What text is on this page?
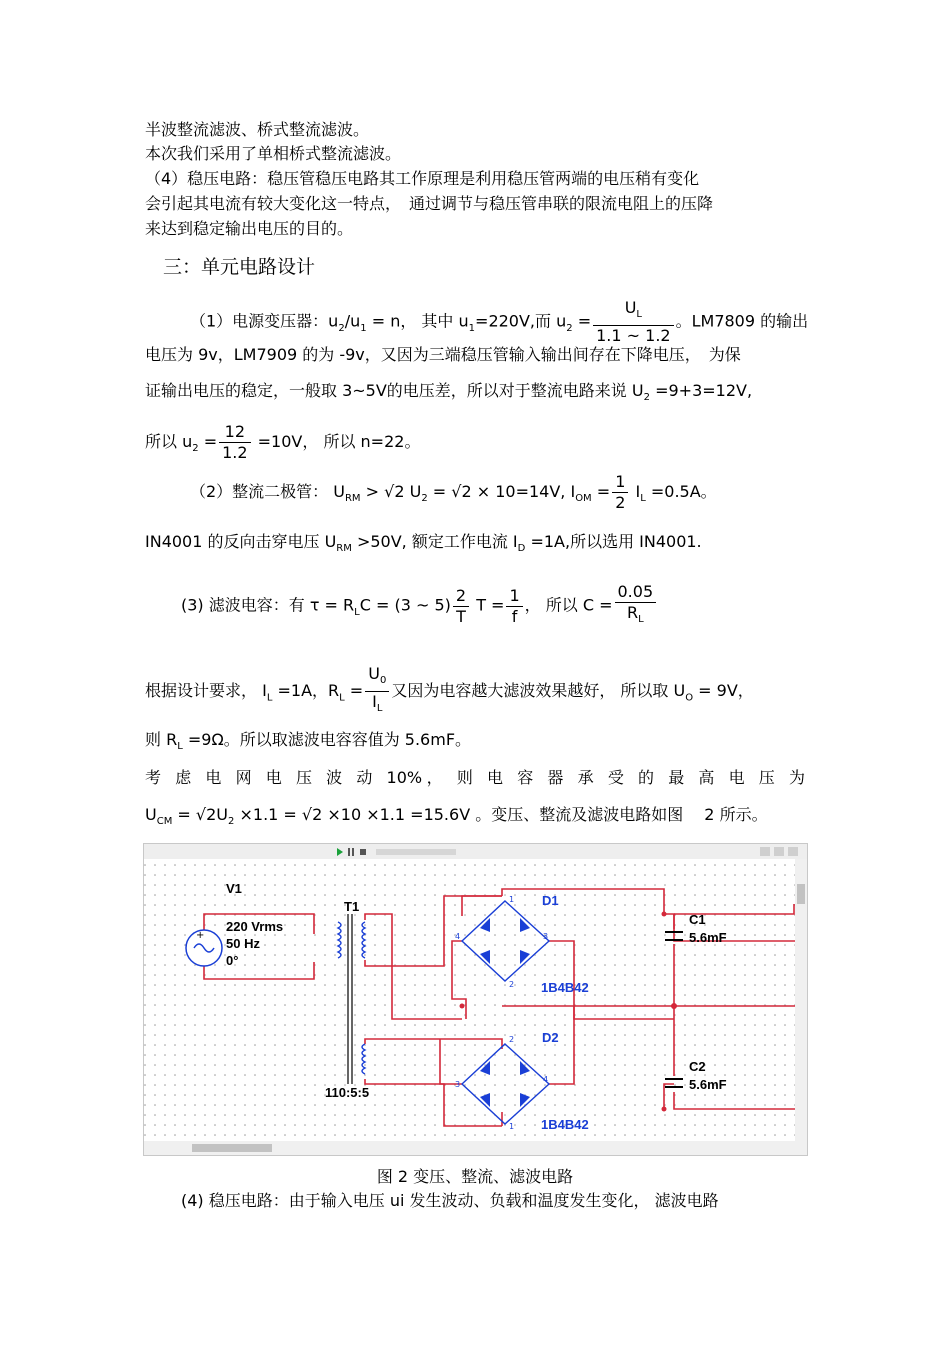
半波整流滤波、桥式整流滤波。
本次我们采用了单相桥式整流滤波。
（4）稳压电路：稳压管稳压电路其工作原理是利用稳压管两端的电压稍有变化
会引起其电流有较大变化这一特点，　通过调节与稳压管串联的限流电阻上的压降
来达到稳定输出电压的目的。
三：单元电路设计
（1）电源变压器：$u_2/u_1 = n$， 其中 $u_1=220V$,而 $u_2 = \frac{U_L}{1.1 \sim 1.2}$ 。LM7809 的输出
电压为 9v，LM7909 的为 -9v，又因为三端稳压管输入输出间存在下降电压，　为保
证输出电压的稳定，一般取 3~5V的电压差，所以对于整流电路来说 $U_2 =9+3=12V$,
所以 $u_2 = \frac{12}{1.2} =10V$， 所以 n=22。
（2）整流二极管： $U_{RM} > √2$ $U_2 = √2 \times 10=14V$, $I_{OM} = \frac{1}{2} I_L =0.5A$。
IN4001 的反向击穿电压 $U_{RM} >50V$, 额定工作电流 $I_D =1A$,所以选用 IN4001.
(3) 滤波电容：有 $\tau = R_LC = (3$ ~ $5) \frac{2}{T}$ $T = \frac{1}{f}$ ， 所以 $C = \frac{0.05}{R_L}$
根据设计要求， $I_L =1A$，$R_L = \frac{U_0}{I_L}$ 又因为电容越大滤波效果越好， 所以取 $U_O = 9V$，
则 $R_L =9\Omega$。所以取滤波电容容值为 5.6mF。
考 虑 电 网 电 压 波 动 10%， 则 电 容 器 承 受 的 最 高 电 压 为
$U_{CM} = √2U_2 \times 1.1 = √2 \times 10 \times 1.1 =15.6V$ 。变压、整流及滤波电路如图　 2 所示。
+
V1
220 Vrms
50 Hz
0°
T1
110:5:5
D1
1B4B42
1
3
4
2
D2
1B4B42
2
3
4
1
C1
5.6mF
C2
5.6mF
图 2 变压、整流、滤波电路
(4) 稳压电路：由于输入电压 ui 发生波动、负载和温度发生变化， 滤波电路
